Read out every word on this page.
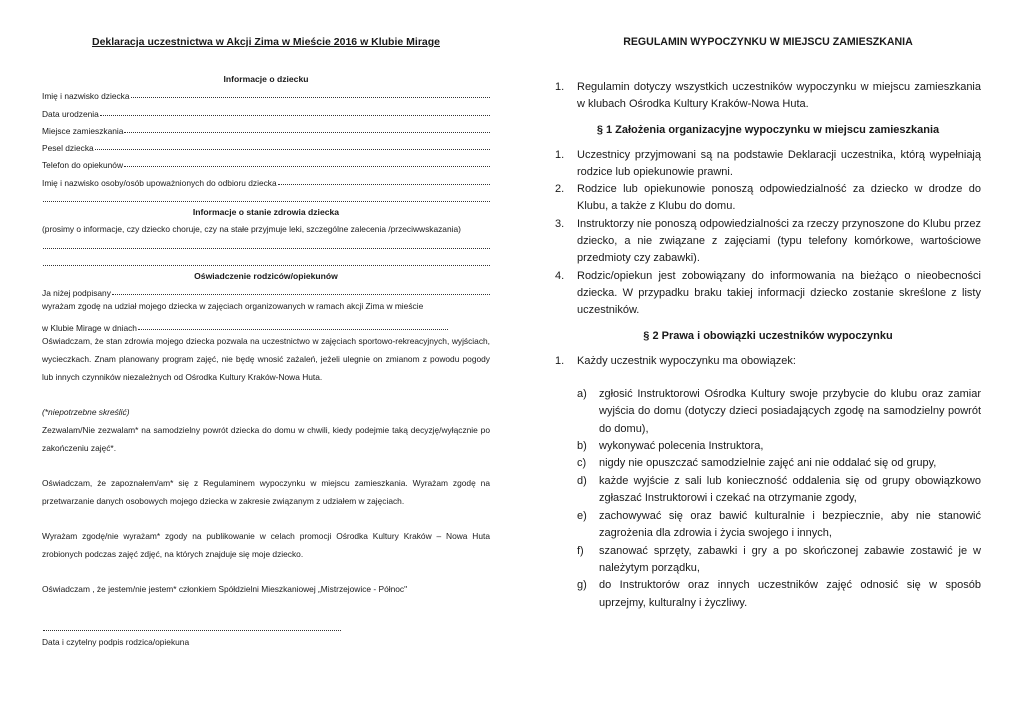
Deklaracja uczestnictwa w Akcji Zima w Mieście 2016 w Klubie Mirage
Informacje o dziecku
Imię i nazwisko dziecka
Data urodzenia
Miejsce zamieszkania
Pesel dziecka
Telefon do opiekunów
Imię i nazwisko osoby/osób upoważnionych do odbioru dziecka
Informacje o stanie zdrowia dziecka
(prosimy o informacje, czy dziecko choruje, czy na stałe przyjmuje leki, szczególne zalecenia /przeciwwskazania)
Oświadczenie rodziców/opiekunów
Ja niżej podpisany

wyrażam zgodę na udział mojego dziecka w zajęciach organizowanych w ramach akcji Zima w mieście

w Klubie Mirage w dniach

Oświadczam, że stan zdrowia mojego dziecka pozwala na uczestnictwo w zajęciach sportowo-rekreacyjnych, wyjściach, wycieczkach. Znam planowany program zajęć, nie będę wnosić zażaleń, jeżeli ulegnie on zmianom z powodu pogody lub innych czynników niezależnych od Ośrodka Kultury Kraków-Nowa Huta.

(*niepotrzebne skreślić)

Zezwalam/Nie zezwalam* na samodzielny powrót dziecka do domu w chwili, kiedy podejmie taką decyzję/wyłącznie po zakończeniu zajęć*.

Oświadczam, że zapoznałem/am* się z Regulaminem wypoczynku w miejscu zamieszkania. Wyrażam zgodę na przetwarzanie danych osobowych mojego dziecka w zakresie związanym z udziałem w zajęciach.

Wyrażam zgodę/nie wyrażam* zgody na publikowanie w celach promocji Ośrodka Kultury Kraków – Nowa Huta zrobionych podczas zajęć zdjęć, na których znajduje się moje dziecko.

Oświadczam , że jestem/nie jestem* członkiem Spółdzielni Mieszkaniowej „Mistrzejowice - Północ"

Data i czytelny podpis rodzica/opiekuna

REGULAMIN WYPOCZYNKU W MIEJSCU ZAMIESZKANIA
1.	Regulamin dotyczy wszystkich uczestników wypoczynku w miejscu zamieszkania w klubach Ośrodka Kultury Kraków-Nowa Huta.
§ 1 Założenia organizacyjne wypoczynku w miejscu zamieszkania
1.	Uczestnicy przyjmowani są na podstawie Deklaracji uczestnika, którą wypełniają rodzice lub opiekunowie prawni.
2.	Rodzice lub opiekunowie ponoszą odpowiedzialność za dziecko w drodze do Klubu, a także z Klubu do domu.
3.	Instruktorzy nie ponoszą odpowiedzialności za rzeczy przynoszone do Klubu przez dziecko, a nie związane z zajęciami (typu telefony komórkowe, wartościowe przedmioty czy zabawki).
4.	Rodzic/opiekun jest zobowiązany do informowania na bieżąco o nieobecności dziecka. W przypadku braku takiej informacji dziecko zostanie skreślone z listy uczestników.
§ 2 Prawa i obowiązki uczestników wypoczynku
1.	Każdy uczestnik wypoczynku ma obowiązek:
a)	zgłosić Instruktorowi Ośrodka Kultury swoje przybycie do klubu oraz zamiar wyjścia do domu (dotyczy dzieci posiadających zgodę na samodzielny powrót do domu),
b)	wykonywać polecenia Instruktora,
c)	nigdy nie opuszczać samodzielnie zajęć ani nie oddalać się od grupy,
d)	każde wyjście z sali lub konieczność oddalenia się od grupy obowiązkowo zgłaszać Instruktorowi i czekać na otrzymanie zgody,
e)	zachowywać się oraz bawić kulturalnie i bezpiecznie, aby nie stanowić zagrożenia dla zdrowia i życia swojego i innych,
f)	szanować sprzęty, zabawki i gry a po skończonej zabawie zostawić je w należytym porządku,
g)	do Instruktorów oraz innych uczestników zajęć odnosić się w sposób uprzejmy, kulturalny i życzliwy.
